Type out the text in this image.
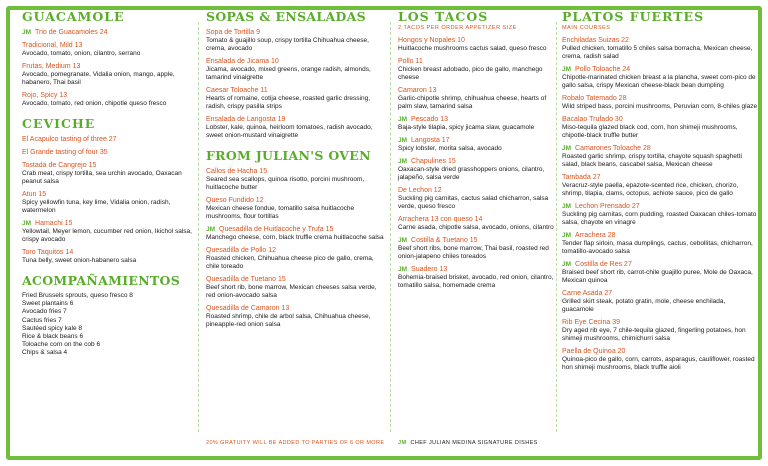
GUACAMOLE
JM Trio de Guacamoles 24
Tradicional, Mild 13
Avocado, tomato, onion, cilantro, serrano
Frutas, Medium 13
Avocado, pomegranate, Vidalia onion, mango, apple, habanero, Thai basil
Rojo, Spicy 13
Avocado, tomato, red onion, chipotle queso fresco
CEVICHE
El Acapulco tasting of three 27
El Grande tasting of four 35
Tostada de Cangrejo 15
Crab meat, crispy tortilla, sea urchin avocado, Oaxacan peanut salsa
Atun 15
Spicy yellowfin tuna, key lime, Vidalia onion, radish, watermelon
JM Hamachi 15
Yellowtail, Meyer lemon, cucumber red onion, Ikichol salsa, crispy avocado
Toro Taquitos 14
Tuna belly, sweet onion-habanero salsa
ACOMPAÑAMIENTOS
Fried Brussels sprouts, queso fresco 8
Sweet plantains 6
Avocado fries 7
Cactus fries 7
Sautéed spicy kale 8
Rice & black beans 6
Toloache corn on the cob 6
Chips & salsa 4
SOPAS & ENSALADAS
Sopa de Tortilla 9
Tomato & guajillo soup, crispy tortilla Chihuahua cheese, crema, avocado
Ensalada de Jicama 10
Jicama, avocado, mixed greens, orange radish, almonds, tamarind vinaigrette
Caesar Toloache 11
Hearts of romaine, cotija cheese, roasted garlic dressing, radish, crispy pasilla strips
Ensalada de Langosta 19
Lobster, kale, quinoa, heirloom tomatoes, radish avocado, sweet onion-mustard vinaigrette
FROM JULIAN'S OVEN
Callos de Hacha 15
Seared sea scallops, quinoa risotto, porcini mushroom, huitlacoche butter
Queso Fundido 12
Mexican cheese fondue, tomatillo salsa huitlacoche mushrooms, flour tortillas
JM Quesadilla de Huitlacoche y Trufa 15
Manchego cheese, corn, black truffle crema huitlacoche salsa
Quesadilla de Pollo 12
Roasted chicken, Chihuahua cheese pico de gallo, crema, chile toreado
Quesadilla de Tuetano 15
Beef short rib, bone marrow, Mexican cheeses salsa verde, red onion-avocado salsa
Quesadilla de Camaron 13
Roasted shrimp, chile de arbol salsa, Chihuahua cheese, pineapple-red onion salsa
LOS TACOS
2 TACOS PER ORDER APPETIZER SIZE
Hongos y Nopales 10
Huitlacoche mushrooms cactus salad, queso fresco
Pollo 11
Chicken breast adobado, pico de gallo, manchego cheese
Camaron 13
Garlic-chipotle shrimp, chihuahua cheese, hearts of palm slaw, tamarind salsa
JM Pescado 13
Baja-style tilapia, spicy jicama slaw, guacamole
JM Langosta 17
Spicy lobster, morita salsa, avocado
JM Chapulines 15
Oaxacan-style dried grasshoppers onions, cilantro, jalapeño, salsa verde
De Lechon 12
Suckling pig carnitas, cactus salad chicharron, salsa verde, queso fresco
Arrachera 13 con queso 14
Carne asada, chipotle salsa, avocado, onions, cilantro
JM Costilla & Tuetano 15
Beef short ribs, bone marrow, Thai basil, roasted red onion-jalapeno chiles toreados
JM Suadero 13
Bohemia-braised brisket, avocado, red onion, cilantro, tomatillo salsa, homemade crema
PLATOS FUERTES
MAIN COURSES
Enchiladas Suizas 22
Pulled chicken, tomatillo 5 chiles salsa borracha, Mexican cheese, crema, radish salad
JM Pollo Toloache 24
Chipotle-marinated chicken breast a la plancha, sweet corn-pico de gallo salsa, crispy Mexican cheese-black bean dumpling
Robalo Tatemado 28
Wild striped bass, porcini mushrooms, Peruvian corn, 8-chiles glaze
Bacalao Trufado 30
Miso-tequila glazed black cod, corn, hon shimeji mushrooms, chipotle-black truffle butter
JM Camarones Toloache 28
Roasted garlic shrimp, crispy tortilla, chayote squash spaghetti salad, black beans, cascabel salsa, Mexican cheese
Tambada 27
Veracruz-style paella, epazote-scented rice, chicken, chorizo, shrimp, tilapia, clams, octopus, achiote sauce, pico de gallo
JM Lechon Prensado 27
Suckling pig carnitas, corn pudding, roasted Oaxacan chiles-tomato salsa, chayote en vinagre
JM Arrachera 28
Tender flap sirloin, masa dumplings, cactus, cebollitas, chicharron, tomatillo-avocado salsa
JM Costilla de Res 27
Braised beef short rib, carrot-chile guajillo puree, Mole de Oaxaca, Mexican quinoa
Carne Asada 27
Grilled skirt steak, potato gratin, mole, cheese enchilada, guacamole
Rib Eye Cecina 39
Dry aged rib eye, 7 chile-tequila glazed, fingerling potatoes, hon shimeji mushrooms, chimichurri salsa
Paella de Quinoa 20
Quinoa-pico de gallo, corn, carrots, asparagus, cauliflower, roasted hon shimeji mushrooms, black truffle aioli
20% GRATUITY WILL BE ADDED TO PARTIES OF 6 OR MORE JM CHEF JULIAN MEDINA SIGNATURE DISHES
